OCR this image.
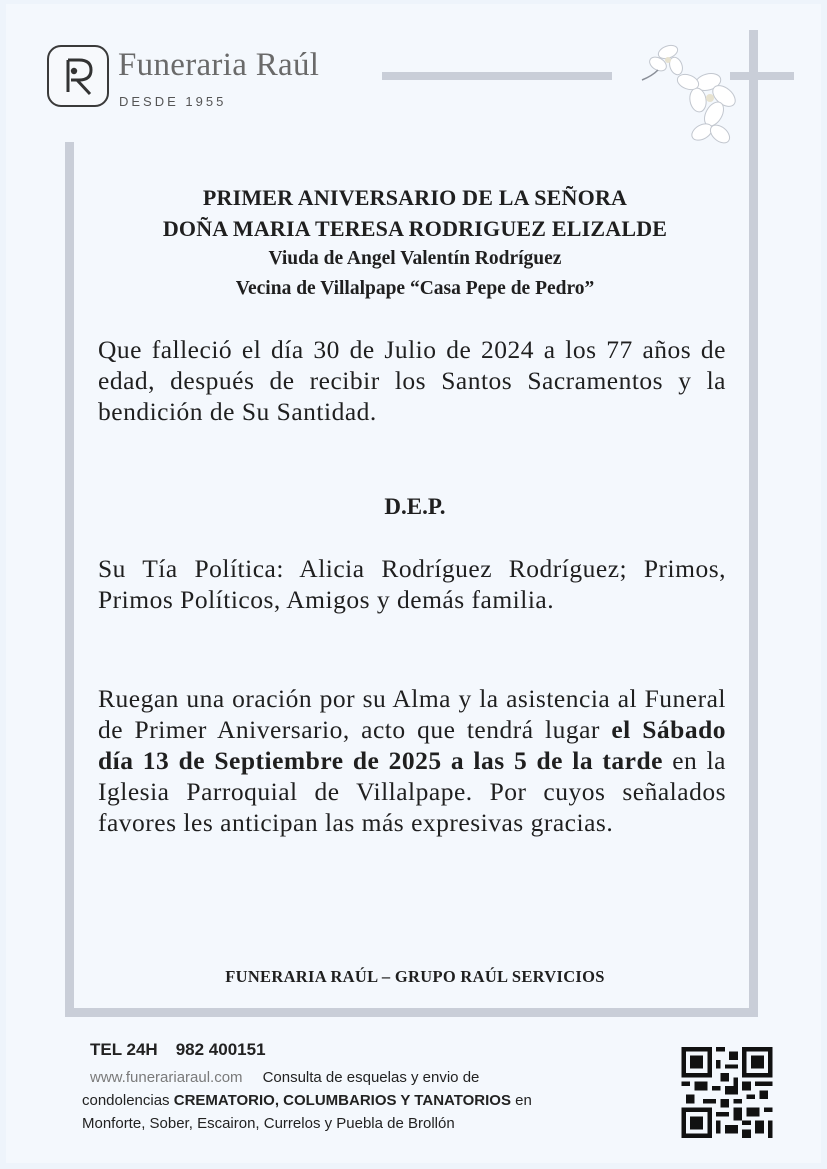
Funeraria Raúl
DESDE 1955
PRIMER ANIVERSARIO DE LA SEÑORA
DOÑA MARIA TERESA RODRIGUEZ ELIZALDE
Viuda de Angel Valentín Rodríguez
Vecina de Villalpape “Casa Pepe de Pedro”
Que falleció el día 30 de Julio de 2024 a los 77 años de edad, después de recibir los Santos Sacramentos y la bendición de Su Santidad.
D.E.P.
Su Tía Política: Alicia Rodríguez Rodríguez; Primos, Primos Políticos, Amigos y demás familia.
Ruegan una oración por su Alma y la asistencia al Funeral de Primer Aniversario, acto que tendrá lugar el Sábado día 13 de Septiembre de 2025 a las 5 de la tarde en la Iglesia Parroquial de Villalpape. Por cuyos señalados favores les anticipan las más expresivas gracias.
FUNERARIA RAÚL – GRUPO RAÚL SERVICIOS
TEL 24H 982 400151
www.funerariaraul.com Consulta de esquelas y envio de
condolencias CREMATORIO, COLUMBARIOS Y TANATORIOS en
Monforte, Sober, Escairon, Currelos y Puebla de Brollón
